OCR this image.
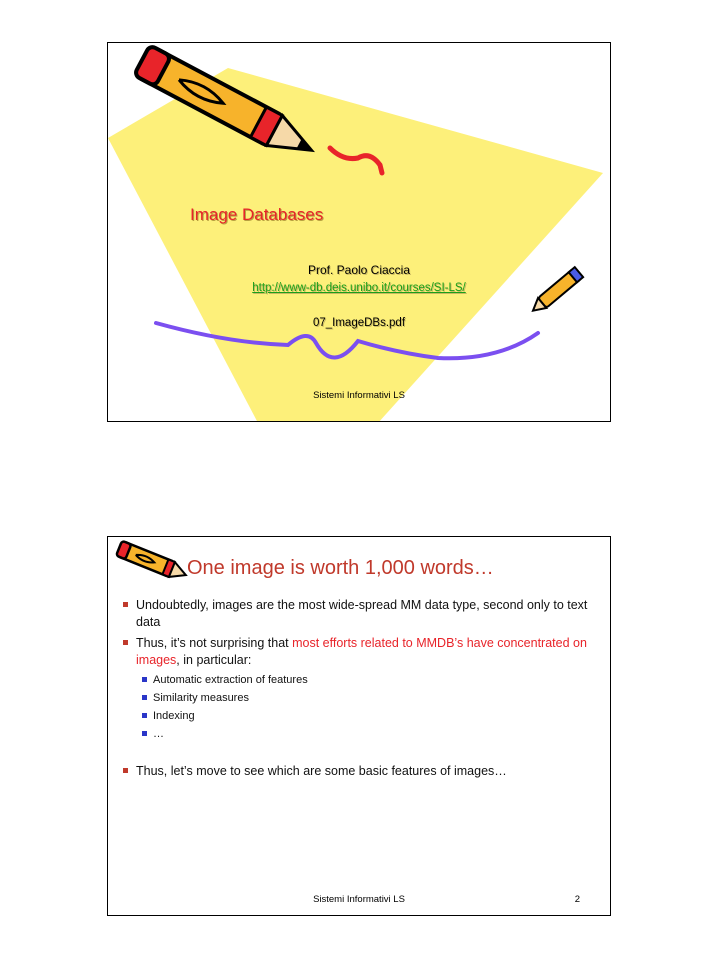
Image Databases
Prof. Paolo Ciaccia
http://www-db.deis.unibo.it/courses/SI-LS/
07_ImageDBs.pdf
Sistemi Informativi LS
One image is worth 1,000 words…
Undoubtedly, images are the most wide-spread MM data type, second only to text data
Thus, it’s not surprising that most efforts related to MMDB’s have concentrated on images, in particular:
Automatic extraction of features
Similarity measures
Indexing
…
Thus, let’s move to see which are some basic features of images…
Sistemi Informativi LS	2
